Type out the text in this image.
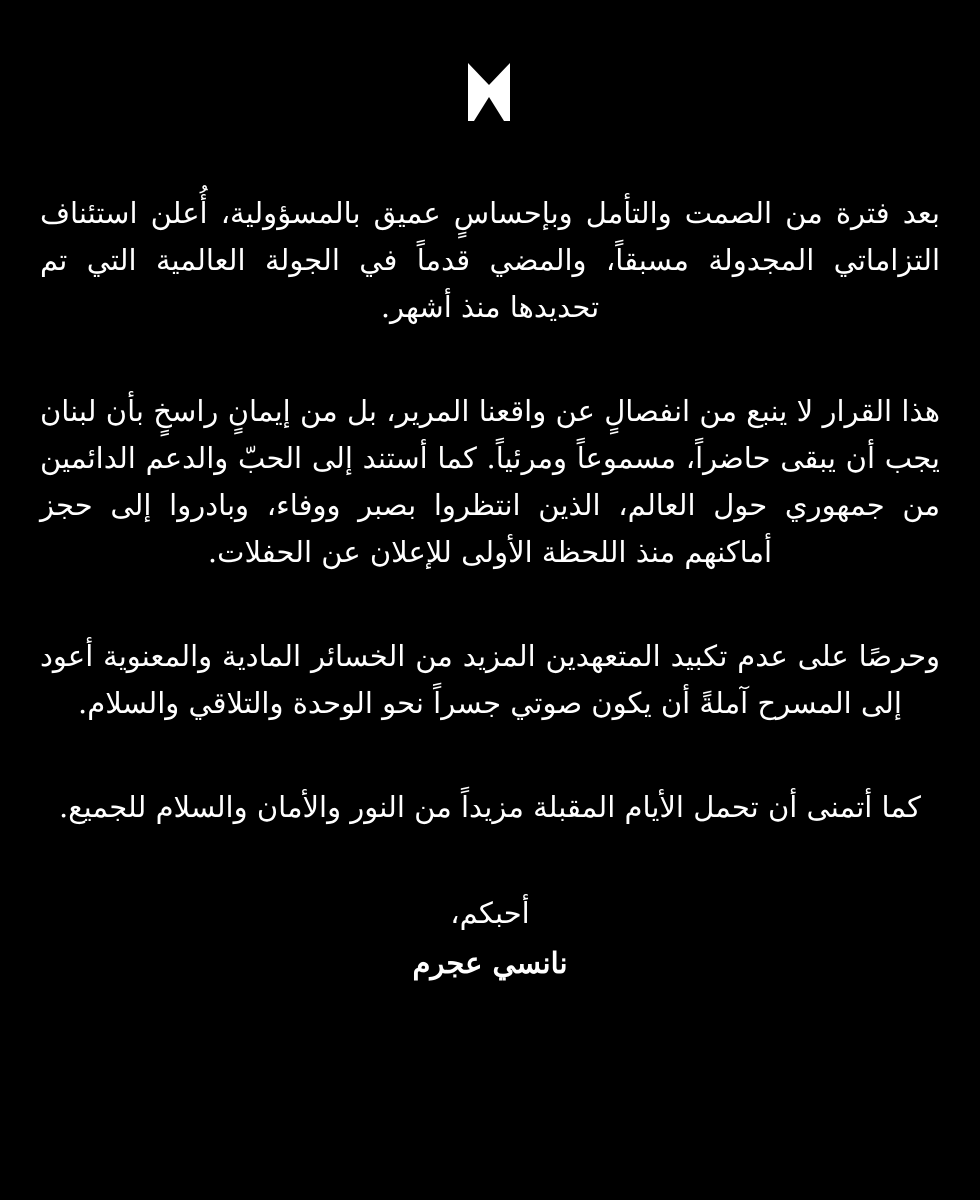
بعد فترة من الصمت والتأمل وبإحساسٍ عميق بالمسؤولية، أُعلن استئناف التزاماتي المجدولة مسبقاً، والمضي قدماً في الجولة العالمية التي تم تحديدها منذ أشهر.

هذا القرار لا ينبع من انفصالٍ عن واقعنا المرير، بل من إيمانٍ راسخٍ بأن لبنان يجب أن يبقى حاضراً، مسموعاً ومرئياً. كما أستند إلى الحبّ والدعم الدائمين من جمهوري حول العالم، الذين انتظروا بصبر ووفاء، وبادروا إلى حجز أماكنهم منذ اللحظة الأولى للإعلان عن الحفلات.

وحرصًا على عدم تكبيد المتعهدين المزيد من الخسائر المادية والمعنوية أعود إلى المسرح آملةً أن يكون صوتي جسراً نحو الوحدة والتلاقي والسلام.

كما أتمنى أن تحمل الأيام المقبلة مزيداً من النور والأمان والسلام للجميع.

أحبكم،
نانسي عجرم
